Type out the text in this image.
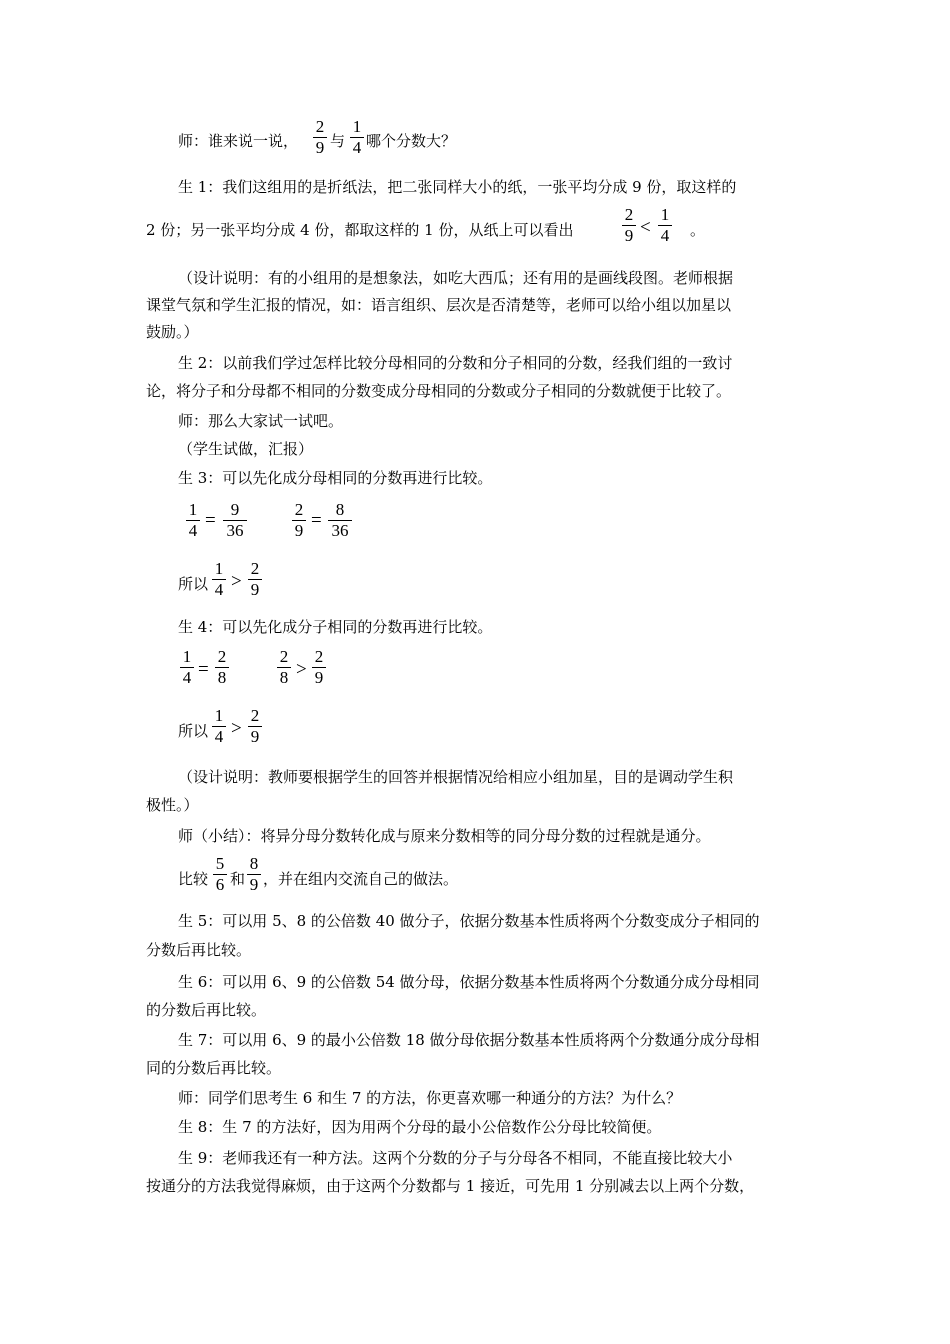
师：谁来说一说，
2
9 与
1
4 哪个分数大？
生 1：我们这组用的是折纸法，把二张同样大小的纸，一张平均分成 9 份，取这样的
2 份；另一张平均分成 4 份，都取这样的 1 份，从纸上可以看出
2
9 <
1
4 。
（设计说明：有的小组用的是想象法，如吃大西瓜；还有用的是画线段图。老师根据
课堂气氛和学生汇报的情况，如：语言组织、层次是否清楚等，老师可以给小组以加星以
鼓励。）
生 2：以前我们学过怎样比较分母相同的分数和分子相同的分数，经我们组的一致讨
论，将分子和分母都不相同的分数变成分母相同的分数或分子相同的分数就便于比较了。
师：那么大家试一试吧。
（学生试做，汇报）
生 3：可以先化成分母相同的分数再进行比较。
1
4 =
9
36
2
9 =
8
36
所以
1
4 >
2
9
生 4：可以先化成分子相同的分数再进行比较。
1
4 =
2
8
2
8 >
2
9
所以
1
4 >
2
9
（设计说明：教师要根据学生的回答并根据情况给相应小组加星，目的是调动学生积
极性。）
师（小结）：将异分母分数转化成与原来分数相等的同分母分数的过程就是通分。
比较
5
6 和
8
9 ，并在组内交流自己的做法。
生 5：可以用 5、8 的公倍数 40 做分子，依据分数基本性质将两个分数变成分子相同的
分数后再比较。
生 6：可以用 6、9 的公倍数 54 做分母，依据分数基本性质将两个分数通分成分母相同
的分数后再比较。
生 7：可以用 6、9 的最小公倍数 18 做分母依据分数基本性质将两个分数通分成分母相
同的分数后再比较。
师：同学们思考生 6 和生 7 的方法，你更喜欢哪一种通分的方法？为什么？
生 8：生 7 的方法好，因为用两个分母的最小公倍数作公分母比较简便。
生 9：老师我还有一种方法。这两个分数的分子与分母各不相同，不能直接比较大小
按通分的方法我觉得麻烦，由于这两个分数都与 1 接近，可先用 1 分别减去以上两个分数，
